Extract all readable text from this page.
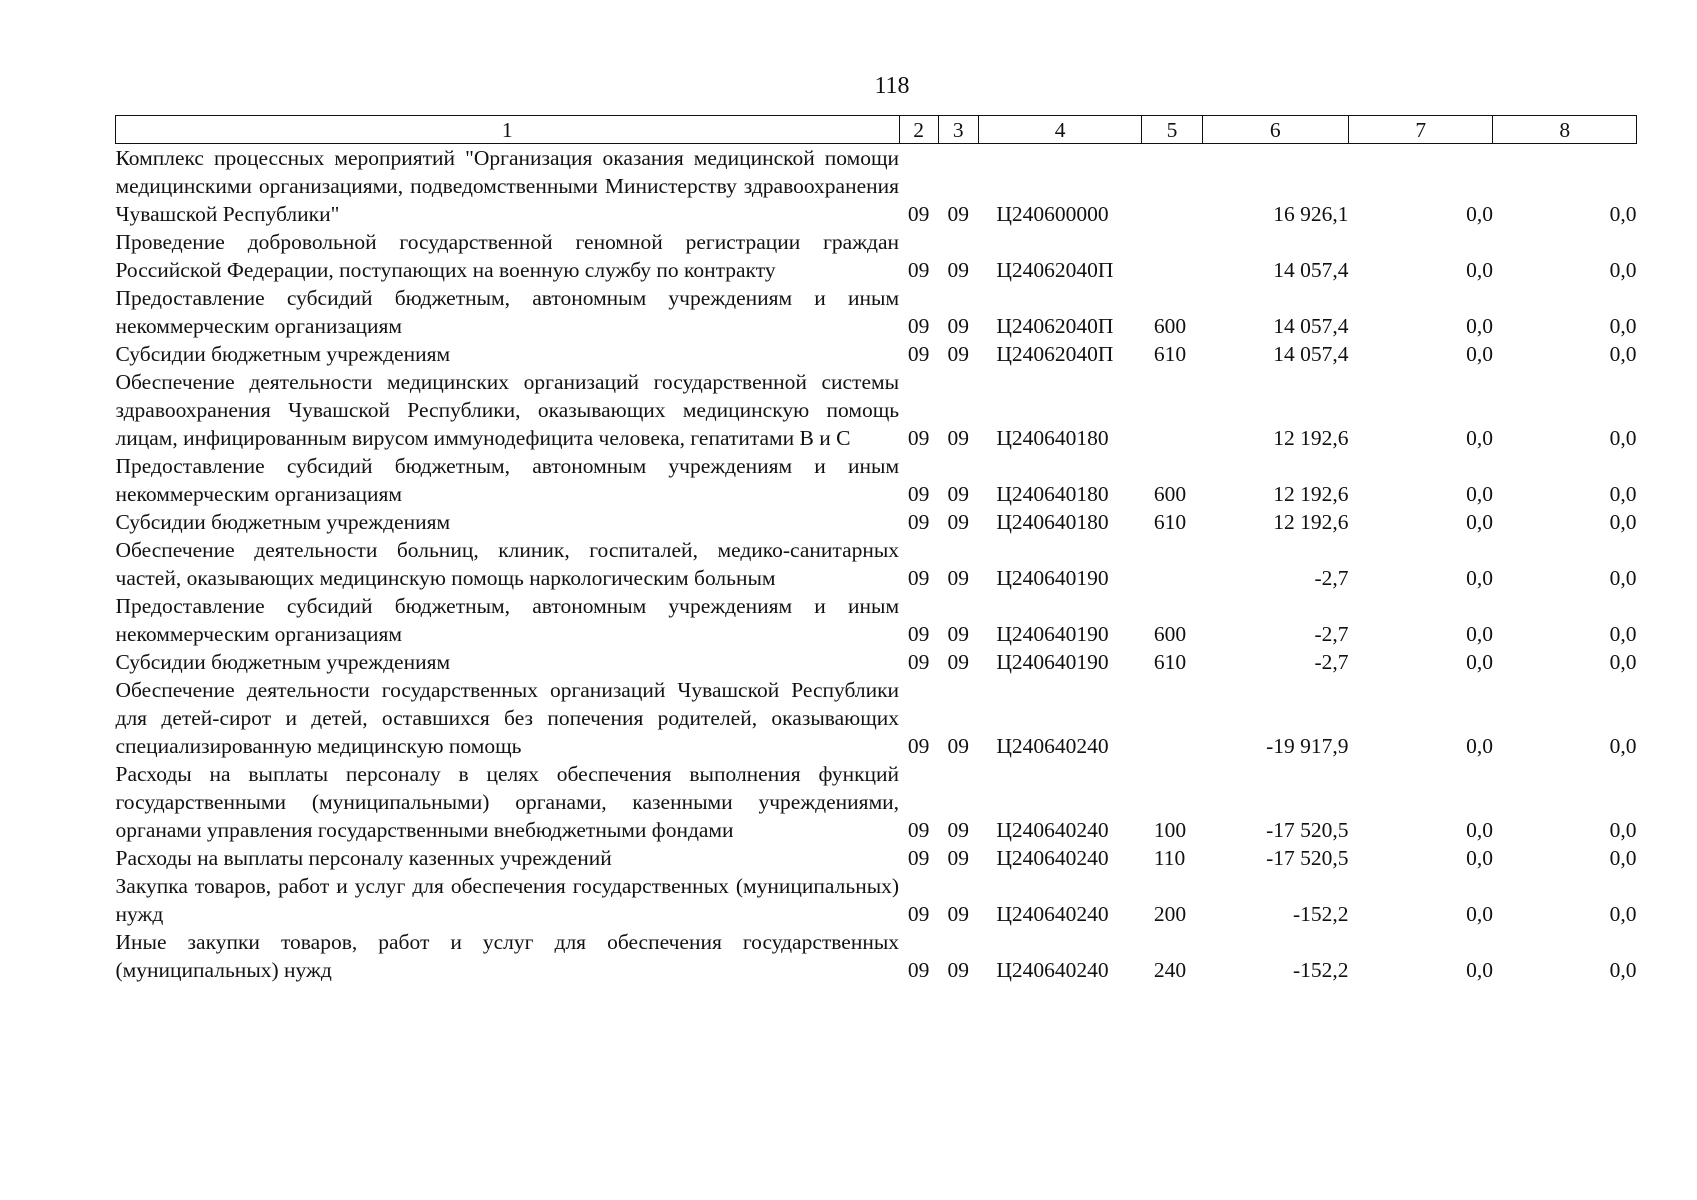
118
1	2	3	4	5	6	7	8
Комплекс процессных мероприятий "Организация оказания медицинской помощи медицинскими организациями, подведомственными Министерству здравоохранения Чувашской Республики"	09	09	Ц240600000		16 926,1	0,0	0,0
Проведение добровольной государственной геномной регистрации граждан Российской Федерации, поступающих на военную службу по контракту	09	09	Ц24062040П		14 057,4	0,0	0,0
Предоставление субсидий бюджетным, автономным учреждениям и иным некоммерческим организациям	09	09	Ц24062040П	600	14 057,4	0,0	0,0
Субсидии бюджетным учреждениям	09	09	Ц24062040П	610	14 057,4	0,0	0,0
Обеспечение деятельности медицинских организаций государственной системы здравоохранения Чувашской Республики, оказывающих медицинскую помощь лицам, инфицированным вирусом иммунодефицита человека, гепатитами В и С	09	09	Ц240640180		12 192,6	0,0	0,0
Предоставление субсидий бюджетным, автономным учреждениям и иным некоммерческим организациям	09	09	Ц240640180	600	12 192,6	0,0	0,0
Субсидии бюджетным учреждениям	09	09	Ц240640180	610	12 192,6	0,0	0,0
Обеспечение деятельности больниц, клиник, госпиталей, медико-санитарных частей, оказывающих медицинскую помощь наркологическим больным	09	09	Ц240640190		-2,7	0,0	0,0
Предоставление субсидий бюджетным, автономным учреждениям и иным некоммерческим организациям	09	09	Ц240640190	600	-2,7	0,0	0,0
Субсидии бюджетным учреждениям	09	09	Ц240640190	610	-2,7	0,0	0,0
Обеспечение деятельности государственных организаций Чувашской Республики для детей-сирот и детей, оставшихся без попечения родителей, оказывающих специализированную медицинскую помощь	09	09	Ц240640240		-19 917,9	0,0	0,0
Расходы на выплаты персоналу в целях обеспечения выполнения функций государственными (муниципальными) органами, казенными учреждениями, органами управления государственными внебюджетными фондами	09	09	Ц240640240	100	-17 520,5	0,0	0,0
Расходы на выплаты персоналу казенных учреждений	09	09	Ц240640240	110	-17 520,5	0,0	0,0
Закупка товаров, работ и услуг для обеспечения государственных (муниципальных) нужд	09	09	Ц240640240	200	-152,2	0,0	0,0
Иные закупки товаров, работ и услуг для обеспечения государственных (муниципальных) нужд	09	09	Ц240640240	240	-152,2	0,0	0,0
